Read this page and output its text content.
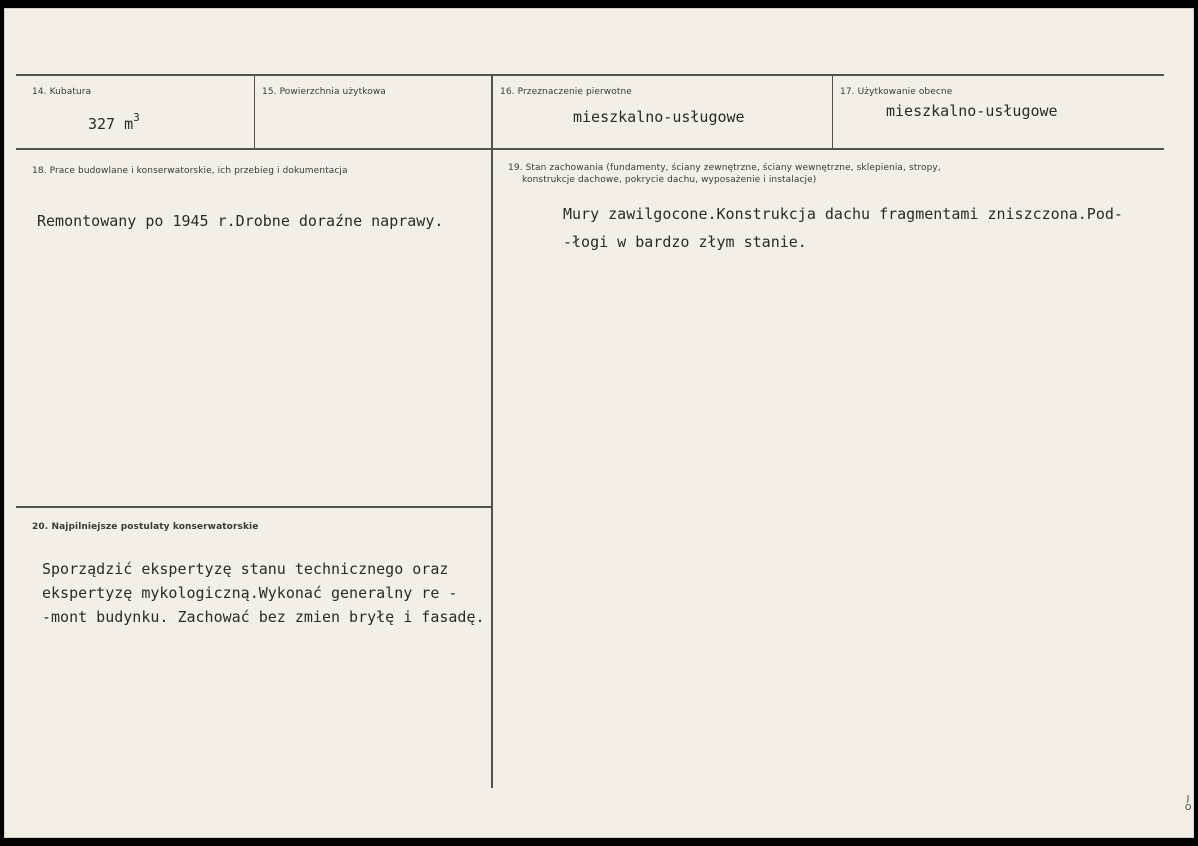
14. Kubatura
327 $m^3$
15. Powierzchnia użytkowa	16. Przeznaczenie pierwotne
mieszkalno-usługowe
17. Użytkowanie obecne
mieszkalno-usługowe
18. Prace budowlane i konserwatorskie, ich przebieg i dokumentacja
Remontowany po 1945 r.Drobne doraźne naprawy.
19. Stan zachowania (fundamenty, ściany zewnętrzne, ściany wewnętrzne, sklepienia, stropy,
konstrukcje dachowe, pokrycie dachu, wyposażenie i instalacje)
Mury zawilgocone.Konstrukcja dachu fragmentami zniszczona.Pod-
-łogi w bardzo złym stanie.
20. Najpilniejsze postulaty konserwatorskie
Sporządzić ekspertyzę stanu technicznego oraz
ekspertyzę mykologiczną.Wykonać generalny re -
-mont budynku. Zachować bez zmien bryłę i fasadę.
J
O
